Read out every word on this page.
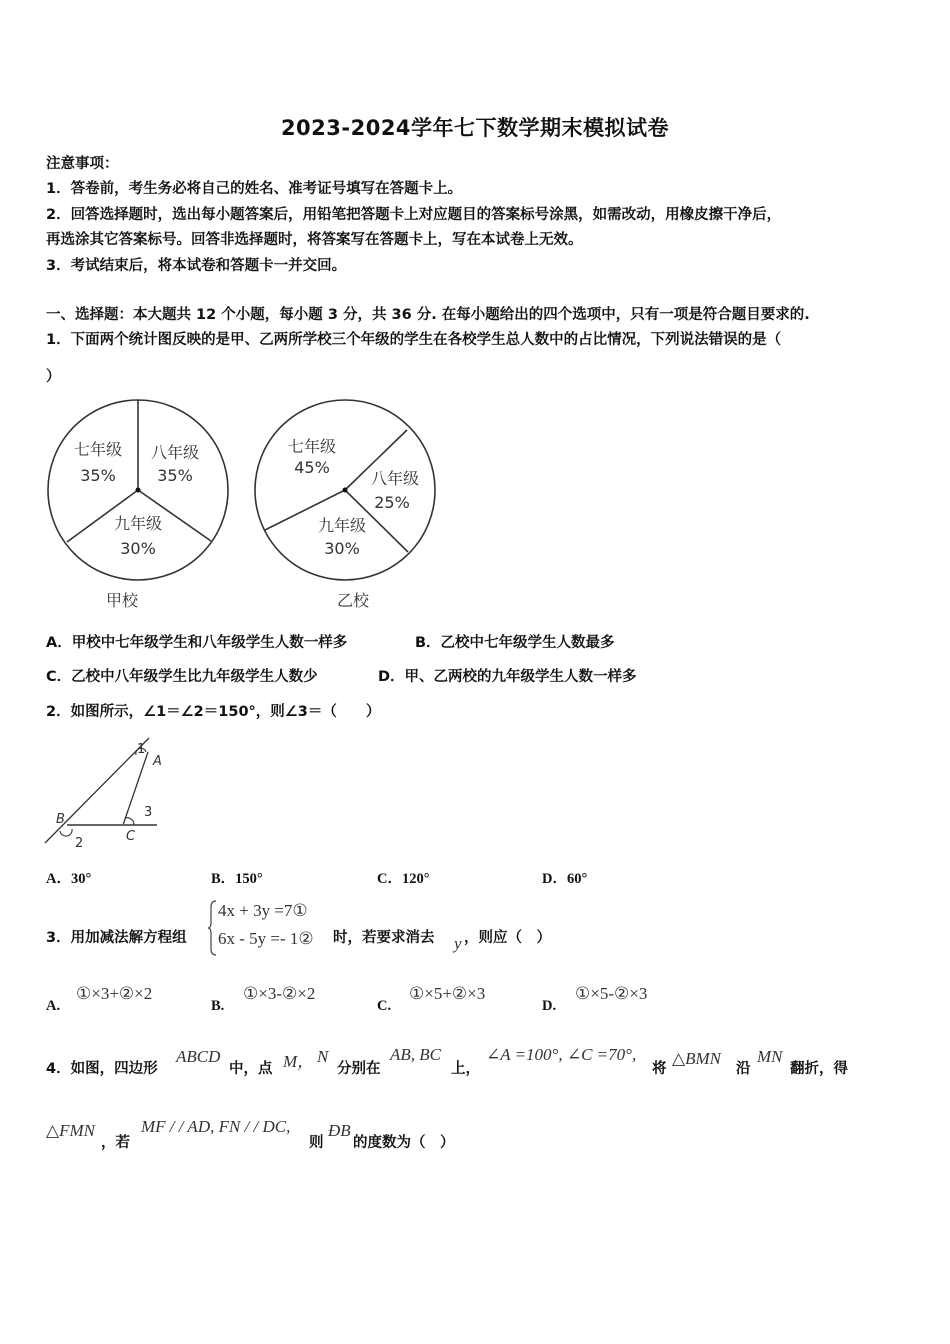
2023-2024学年七下数学期末模拟试卷
注意事项：
1．答卷前，考生务必将自己的姓名、准考证号填写在答题卡上。
2．回答选择题时，选出每小题答案后，用铅笔把答题卡上对应题目的答案标号涂黑，如需改动，用橡皮擦干净后，
再选涂其它答案标号。回答非选择题时，将答案写在答题卡上，写在本试卷上无效。
3．考试结束后，将本试卷和答题卡一并交回。
一、选择题：本大题共 12 个小题，每小题 3 分，共 36 分. 在每小题给出的四个选项中，只有一项是符合题目要求的.
1．下面两个统计图反映的是甲、乙两所学校三个年级的学生在各校学生总人数中的占比情况，下列说法错误的是（
）
七年级
35%
八年级
35%
九年级
30%
甲校
七年级
45%
八年级
25%
九年级
30%
乙校
A．甲校中七年级学生和八年级学生人数一样多	B．乙校中七年级学生人数最多
C．乙校中八年级学生比九年级学生人数少	D．甲、乙两校的九年级学生人数一样多
2．如图所示，∠1＝∠2＝150°，则∠3＝（　　）
1
A
B
2
3
C
A．30°	B．150°	C．120°	D．60°
3．用加减法解方程组
4x + 3y =7①
6x - 5y =- 1② 时，若要求消去 y ，则应（　）
A.
①×3+②×2
B.
①×3-②×2
C.
①×5+②×3
D.
①×5-②×3
4．如图，四边形
ABCD
中，点 M， N
分别在
AB, BC
上，
∠A =100°, ∠C =70°,
将
△BMN
沿
MN
翻折，得
△FMN
，若
MF / / AD, FN / / DC,
则
ÐB
的度数为（　）
